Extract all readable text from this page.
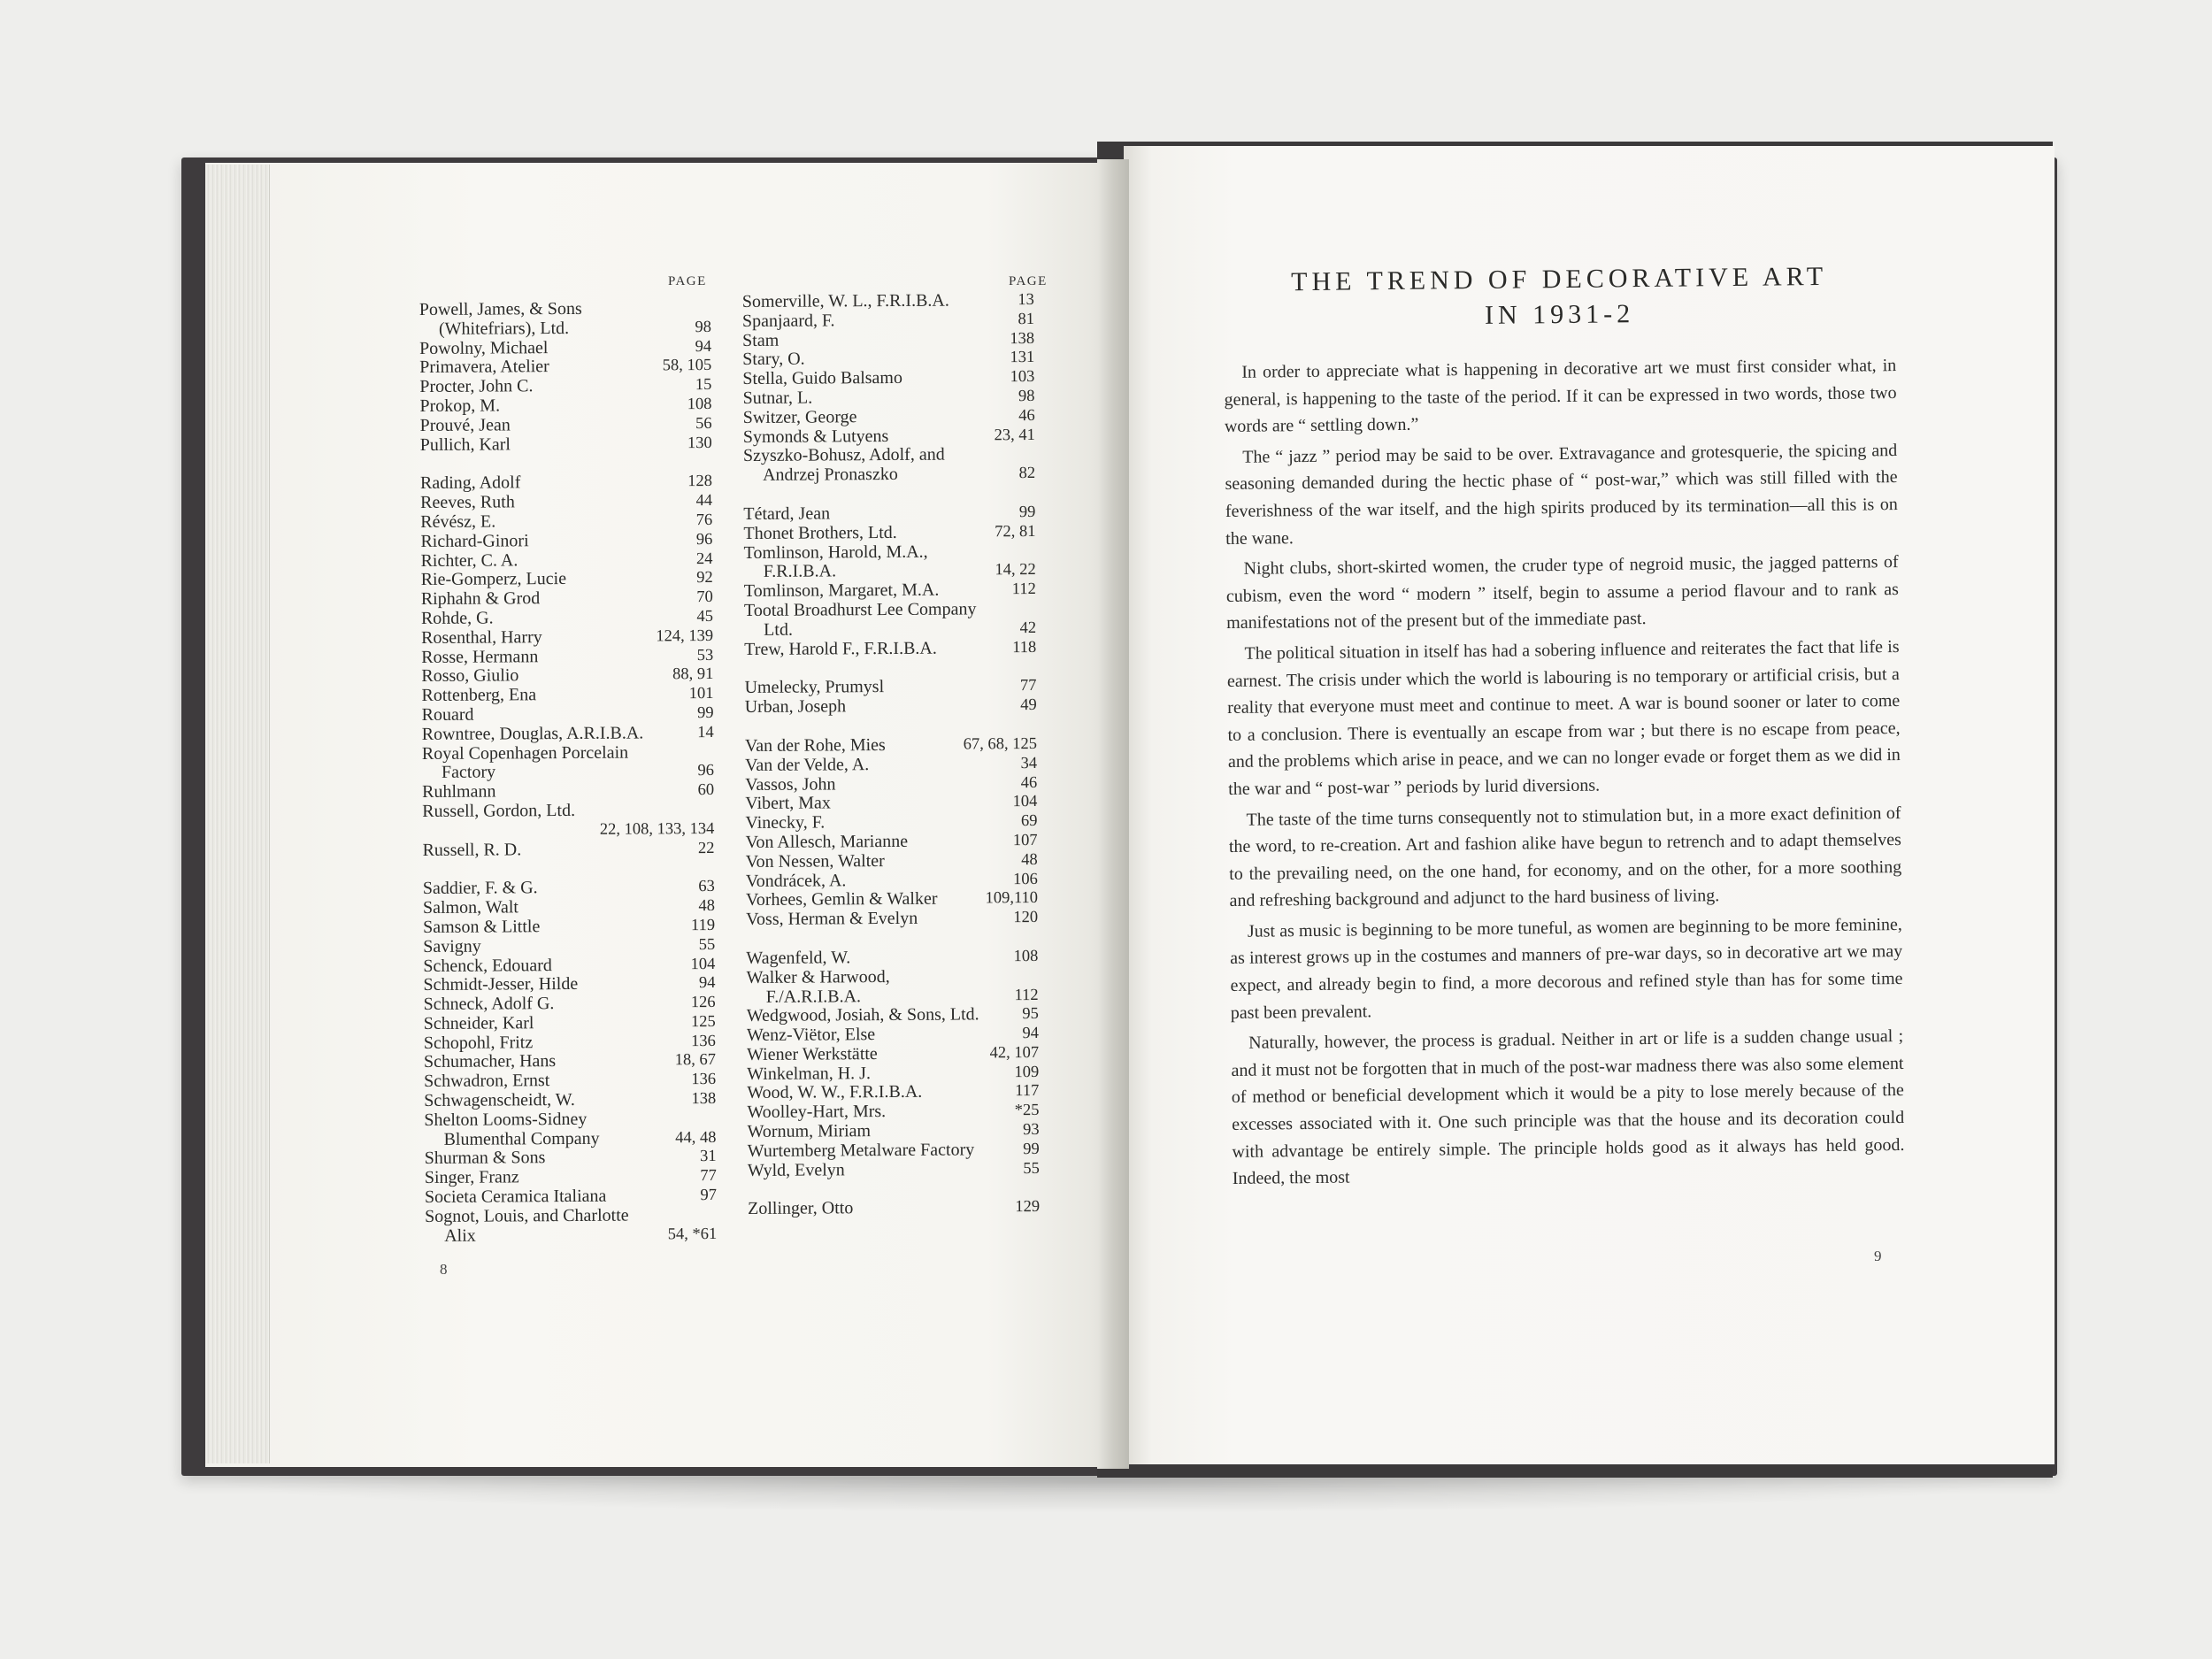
PAGE	PAGE
Powell, James, & Sons
(Whitefriars), Ltd.	98
Powolny, Michael	94
Primavera, Atelier	58, 105
Procter, John C.	15
Prokop, M.	108
Prouvé, Jean	56
Pullich, Karl	130
Rading, Adolf	128
Reeves, Ruth	44
Révész, E.	76
Richard-Ginori	96
Richter, C. A.	24
Rie-Gomperz, Lucie	92
Riphahn & Grod	70
Rohde, G.	45
Rosenthal, Harry	124, 139
Rosse, Hermann	53
Rosso, Giulio	88, 91
Rottenberg, Ena	101
Rouard	99
Rowntree, Douglas, A.R.I.B.A.	14
Royal Copenhagen Porcelain
Factory	96
Ruhlmann	60
Russell, Gordon, Ltd.
22, 108, 133, 134
Russell, R. D.	22
Saddier, F. & G.	63
Salmon, Walt	48
Samson & Little	119
Savigny	55
Schenck, Edouard	104
Schmidt-Jesser, Hilde	94
Schneck, Adolf G.	126
Schneider, Karl	125
Schopohl, Fritz	136
Schumacher, Hans	18, 67
Schwadron, Ernst	136
Schwagenscheidt, W.	138
Shelton Looms-Sidney
Blumenthal Company	44, 48
Shurman & Sons	31
Singer, Franz	77
Societa Ceramica Italiana	97
Sognot, Louis, and Charlotte
Alix	54, *61
Somerville, W. L., F.R.I.B.A.	13
Spanjaard, F.	81
Stam	138
Stary, O.	131
Stella, Guido Balsamo	103
Sutnar, L.	98
Switzer, George	46
Symonds & Lutyens	23, 41
Szyszko-Bohusz, Adolf, and
Andrzej Pronaszko	82
Tétard, Jean	99
Thonet Brothers, Ltd.	72, 81
Tomlinson, Harold, M.A.,
F.R.I.B.A.	14, 22
Tomlinson, Margaret, M.A.	112
Tootal Broadhurst Lee Company
Ltd.	42
Trew, Harold F., F.R.I.B.A.	118
Umelecky, Prumysl	77
Urban, Joseph	49
Van der Rohe, Mies	67, 68, 125
Van der Velde, A.	34
Vassos, John	46
Vibert, Max	104
Vinecky, F.	69
Von Allesch, Marianne	107
Von Nessen, Walter	48
Vondrácek, A.	106
Vorhees, Gemlin & Walker	109,110
Voss, Herman & Evelyn	120
Wagenfeld, W.	108
Walker & Harwood,
F./A.R.I.B.A.	112
Wedgwood, Josiah, & Sons, Ltd.	95
Wenz-Viëtor, Else	94
Wiener Werkstätte	42, 107
Winkelman, H. J.	109
Wood, W. W., F.R.I.B.A.	117
Woolley-Hart, Mrs.	*25
Wornum, Miriam	93
Wurtemberg Metalware Factory	99
Wyld, Evelyn	55
Zollinger, Otto	129
8
THE TREND OF DECORATIVE ART
IN 1931-2

In order to appreciate what is happening in decorative art we must first consider what, in general, is happening to the taste of the period. If it can be expressed in two words, those two words are “ settling down.”

The “ jazz ” period may be said to be over. Extravagance and grotesquerie, the spicing and seasoning demanded during the hectic phase of “ post-war,” which was still filled with the feverishness of the war itself, and the high spirits produced by its termination—all this is on the wane.

Night clubs, short-skirted women, the cruder type of negroid music, the jagged patterns of cubism, even the word “ modern ” itself, begin to assume a period flavour and to rank as manifestations not of the present but of the immediate past.

The political situation in itself has had a sobering influence and reiterates the fact that life is earnest. The crisis under which the world is labouring is no temporary or artificial crisis, but a reality that everyone must meet and continue to meet. A war is bound sooner or later to come to a conclusion. There is eventually an escape from war ; but there is no escape from peace, and the problems which arise in peace, and we can no longer evade or forget them as we did in the war and “ post-war ” periods by lurid diversions.

The taste of the time turns consequently not to stimulation but, in a more exact definition of the word, to re-creation. Art and fashion alike have begun to retrench and to adapt themselves to the prevailing need, on the one hand, for economy, and on the other, for a more soothing and refreshing background and adjunct to the hard business of living.

Just as music is beginning to be more tuneful, as women are beginning to be more feminine, as interest grows up in the costumes and manners of pre-war days, so in decorative art we may expect, and already begin to find, a more decorous and refined style than has for some time past been prevalent.

Naturally, however, the process is gradual. Neither in art or life is a sudden change usual ; and it must not be forgotten that in much of the post-war madness there was also some element of method or beneficial development which it would be a pity to lose merely because of the excesses associated with it. One such principle was that the house and its decoration could with advantage be entirely simple. The principle holds good as it always has held good. Indeed, the most

9
